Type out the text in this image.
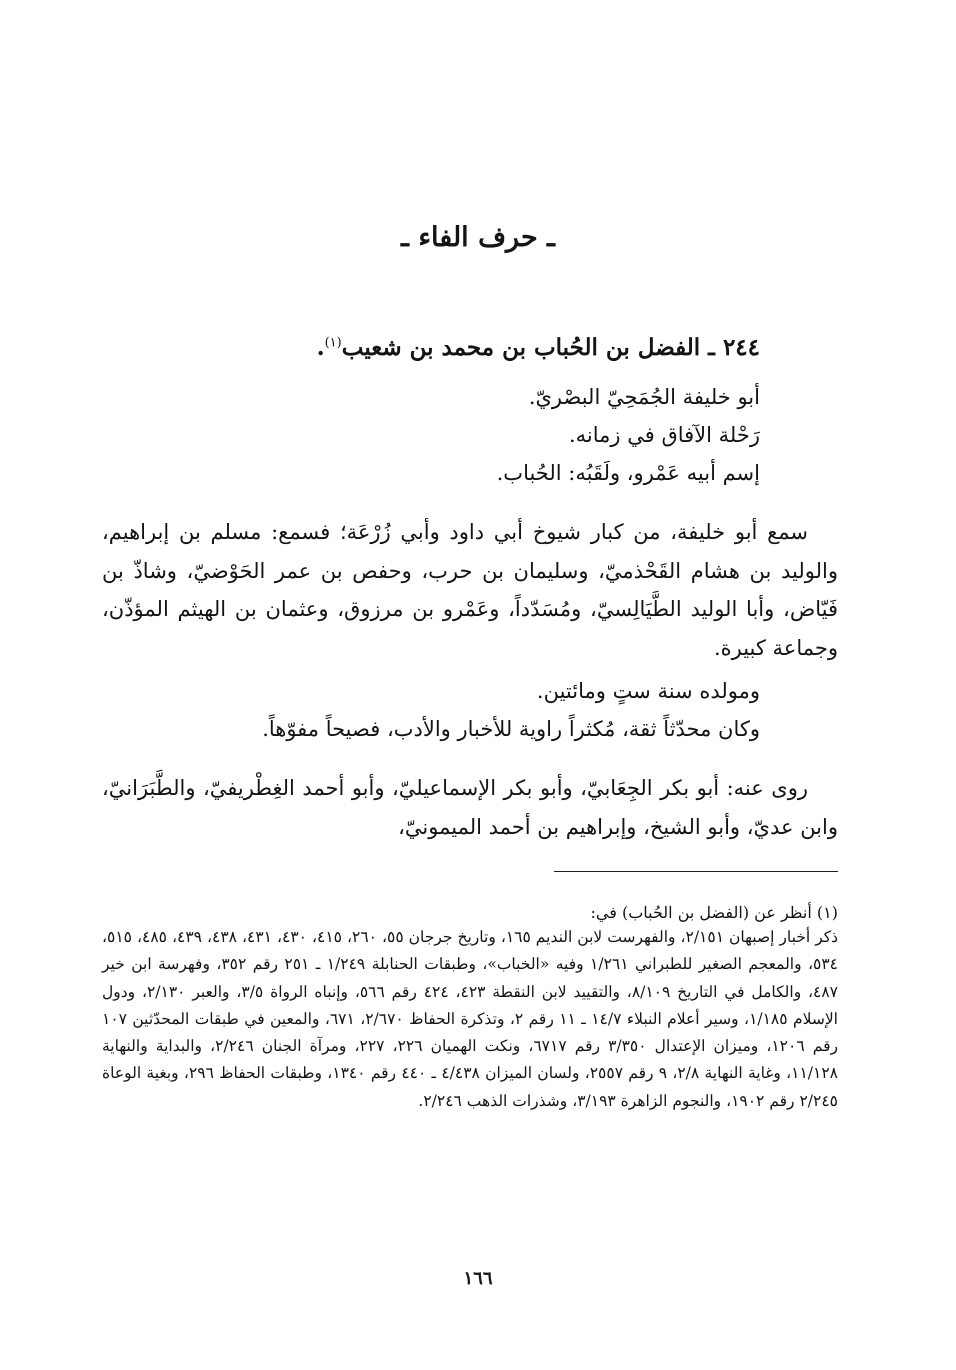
ـ حرف الفاء ـ
٢٤٤ ـ الفضل بن الحُباب بن محمد بن شعيب$^{(١)}$.
أبو خليفة الجُمَحِيّ البصْريّ.
رَحْلة الآفاق في زمانه.
إسم أبيه عَمْرو، ولَقَبُه: الحُباب.
سمع أبو خليفة، من كبار شيوخ أبي داود وأبي زُرْعَة؛ فسمع: مسلم بن إبراهيم، والوليد بن هشام القَحْذميّ، وسليمان بن حرب، وحفص بن عمر الحَوْضيّ، وشاذّ بن فَيّاض، وأبا الوليد الطَّيَالِسيّ، ومُسَدّداً، وعَمْرو بن مرزوق، وعثمان بن الهيثم المؤذّن، وجماعة كبيرة.
ومولده سنة ستٍ ومائتين.
وكان محدّثاً ثقة، مُكثراً راوية للأخبار والأدب، فصيحاً مفوّهاً.
روى عنه: أبو بكر الجِعَابيّ، وأبو بكر الإسماعيليّ، وأبو أحمد الغِطْريفيّ، والطَّبَرَانيّ، وابن عديّ، وأبو الشيخ، وإبراهيم بن أحمد الميمونيّ،
(١) أنظر عن (الفضل بن الحُباب) في:
ذكر أخبار إصبهان ٢/١٥١، والفهرست لابن النديم ١٦٥، وتاريخ جرجان ٥٥، ٢٦٠، ٤١٥، ٤٣٠، ٤٣١، ٤٣٨، ٤٣٩، ٤٨٥، ٥١٥، ٥٣٤، والمعجم الصغير للطبراني ١/٢٦١ وفيه «الخباب»، وطبقات الحنابلة ١/٢٤٩ ـ ٢٥١ رقم ٣٥٢، وفهرسة ابن خير ٤٨٧، والكامل في التاريخ ٨/١٠٩، والتقييد لابن النقطة ٤٢٣، ٤٢٤ رقم ٥٦٦، وإنباه الرواة ٣/٥، والعبر ٢/١٣٠، ودول الإسلام ١/١٨٥، وسير أعلام النبلاء ١٤/٧ ـ ١١ رقم ٢، وتذكرة الحفاظ ٢/٦٧٠، ٦٧١، والمعين في طبقات المحدّثين ١٠٧ رقم ١٢٠٦، وميزان الإعتدال ٣/٣٥٠ رقم ٦٧١٧، ونكت الهميان ٢٢٦، ٢٢٧، ومرآة الجنان ٢/٢٤٦، والبداية والنهاية ١١/١٢٨، وغاية النهاية ٢/٨، ٩ رقم ٢٥٥٧، ولسان الميزان ٤/٤٣٨ ـ ٤٤٠ رقم ١٣٤٠، وطبقات الحفاظ ٢٩٦، وبغية الوعاة ٢/٢٤٥ رقم ١٩٠٢، والنجوم الزاهرة ٣/١٩٣، وشذرات الذهب ٢/٢٤٦.
١٦٦
